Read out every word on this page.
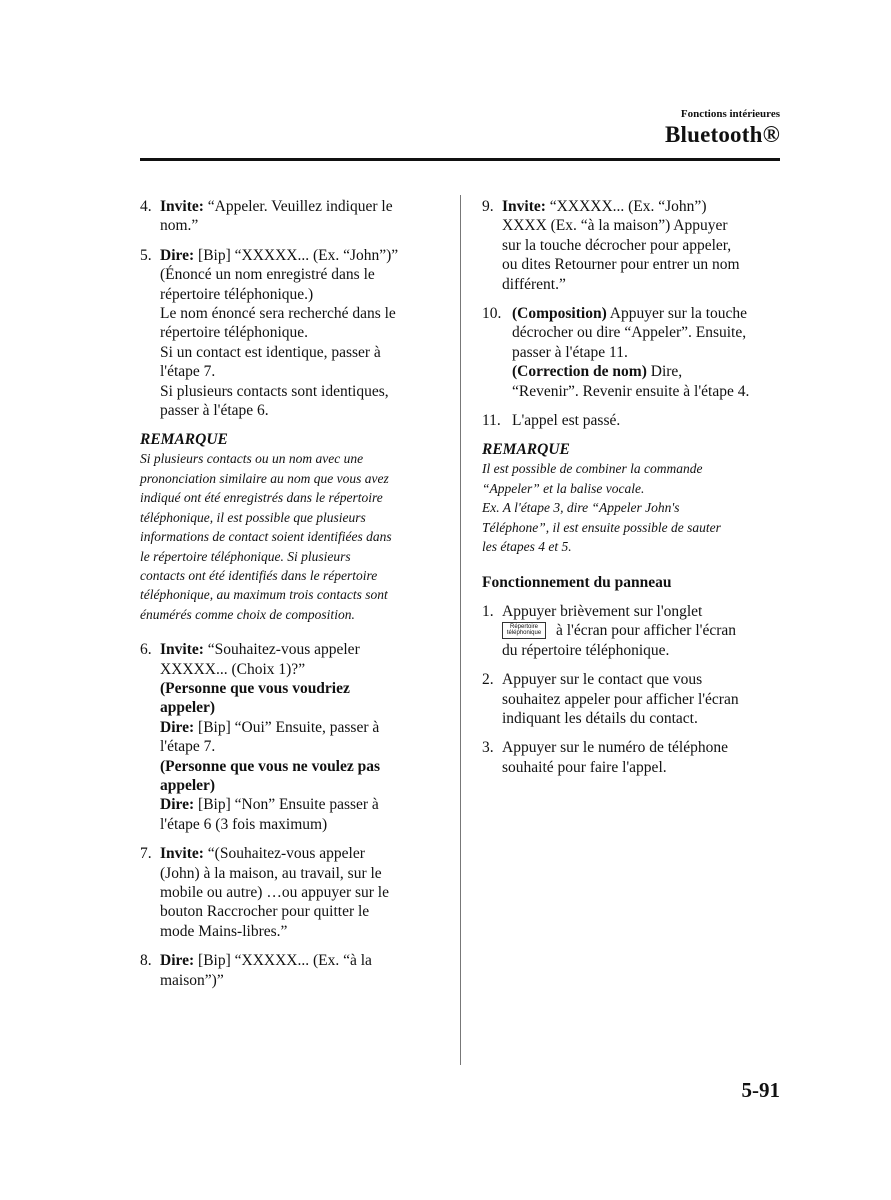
Fonctions intérieures
Bluetooth®
4. Invite: “Appeler. Veuillez indiquer le
nom.”
5. Dire: [Bip] “XXXXX... (Ex. “John”)”
(Énoncé un nom enregistré dans le
répertoire téléphonique.)
Le nom énoncé sera recherché dans le
répertoire téléphonique.
Si un contact est identique, passer à
l'étape 7.
Si plusieurs contacts sont identiques,
passer à l'étape 6.
REMARQUE
Si plusieurs contacts ou un nom avec une
prononciation similaire au nom que vous avez
indiqué ont été enregistrés dans le répertoire
téléphonique, il est possible que plusieurs
informations de contact soient identifiées dans
le répertoire téléphonique. Si plusieurs
contacts ont été identifiés dans le répertoire
téléphonique, au maximum trois contacts sont
énumérés comme choix de composition.
6. Invite: “Souhaitez-vous appeler
XXXXX... (Choix 1)?”
(Personne que vous voudriez
appeler)
Dire: [Bip] “Oui” Ensuite, passer à
l'étape 7.
(Personne que vous ne voulez pas
appeler)
Dire: [Bip] “Non” Ensuite passer à
l'étape 6 (3 fois maximum)
7. Invite: “(Souhaitez-vous appeler
(John) à la maison, au travail, sur le
mobile ou autre) …ou appuyer sur le
bouton Raccrocher pour quitter le
mode Mains-libres.”
8. Dire: [Bip] “XXXXX... (Ex. “à la
maison”)”
9. Invite: “XXXXX... (Ex. “John”)
XXXX (Ex. “à la maison”) Appuyer
sur la touche décrocher pour appeler,
ou dites Retourner pour entrer un nom
différent.”
10. (Composition) Appuyer sur la touche
décrocher ou dire “Appeler”. Ensuite,
passer à l'étape 11.
(Correction de nom) Dire,
“Revenir”. Revenir ensuite à l'étape 4.
11. L'appel est passé.
REMARQUE
Il est possible de combiner la commande
“Appeler” et la balise vocale.
Ex. A l'étape 3, dire “Appeler John's
Téléphone”, il est ensuite possible de sauter
les étapes 4 et 5.
Fonctionnement du panneau
1. Appuyer brièvement sur l'onglet
Répertoire
téléphonique à l'écran pour afficher l'écran
du répertoire téléphonique.
2. Appuyer sur le contact que vous
souhaitez appeler pour afficher l'écran
indiquant les détails du contact.
3. Appuyer sur le numéro de téléphone
souhaité pour faire l'appel.
5-91
